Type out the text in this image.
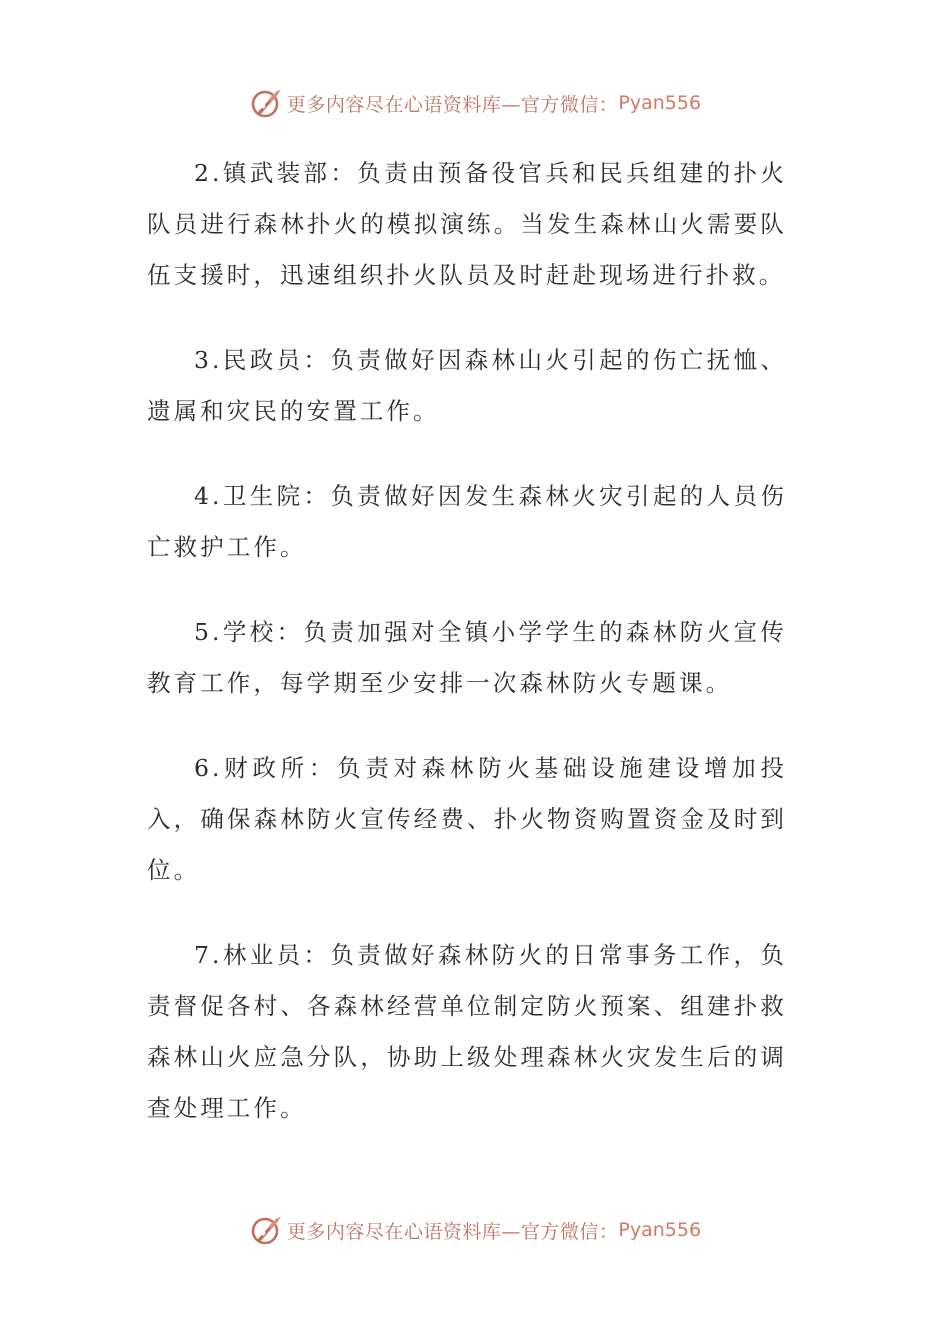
更多内容尽在心语资料库—官方微信： Pyan556

2.镇武装部：负责由预备役官兵和民兵组建的扑火队员进行森林扑火的模拟演练。当发生森林山火需要队伍支援时，迅速组织扑火队员及时赶赴现场进行扑救。

3.民政员：负责做好因森林山火引起的伤亡抚恤、遗属和灾民的安置工作。

4.卫生院：负责做好因发生森林火灾引起的人员伤亡救护工作。

5.学校：负责加强对全镇小学学生的森林防火宣传教育工作，每学期至少安排一次森林防火专题课。

6.财政所：负责对森林防火基础设施建设增加投入，确保森林防火宣传经费、扑火物资购置资金及时到位。

7.林业员：负责做好森林防火的日常事务工作，负责督促各村、各森林经营单位制定防火预案、组建扑救森林山火应急分队，协助上级处理森林火灾发生后的调查处理工作。

更多内容尽在心语资料库—官方微信： Pyan556
